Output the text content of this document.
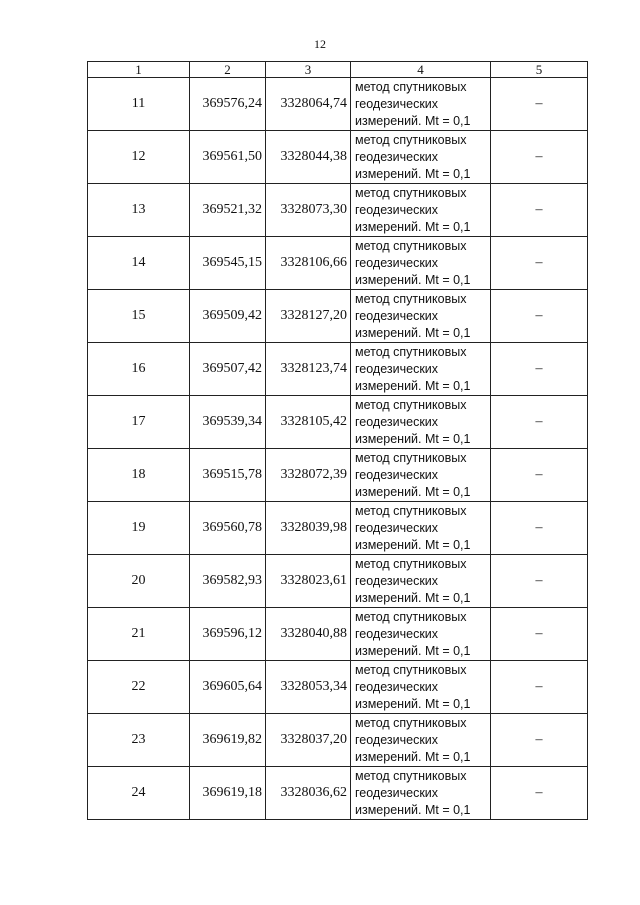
12
1	2	3	4	5
11	369576,24	3328064,74	метод спутниковых
геодезических
измерений. Mt = 0,1	–
12	369561,50	3328044,38	метод спутниковых
геодезических
измерений. Mt = 0,1	–
13	369521,32	3328073,30	метод спутниковых
геодезических
измерений. Mt = 0,1	–
14	369545,15	3328106,66	метод спутниковых
геодезических
измерений. Mt = 0,1	–
15	369509,42	3328127,20	метод спутниковых
геодезических
измерений. Mt = 0,1	–
16	369507,42	3328123,74	метод спутниковых
геодезических
измерений. Mt = 0,1	–
17	369539,34	3328105,42	метод спутниковых
геодезических
измерений. Mt = 0,1	–
18	369515,78	3328072,39	метод спутниковых
геодезических
измерений. Mt = 0,1	–
19	369560,78	3328039,98	метод спутниковых
геодезических
измерений. Mt = 0,1	–
20	369582,93	3328023,61	метод спутниковых
геодезических
измерений. Mt = 0,1	–
21	369596,12	3328040,88	метод спутниковых
геодезических
измерений. Mt = 0,1	–
22	369605,64	3328053,34	метод спутниковых
геодезических
измерений. Mt = 0,1	–
23	369619,82	3328037,20	метод спутниковых
геодезических
измерений. Mt = 0,1	–
24	369619,18	3328036,62	метод спутниковых
геодезических
измерений. Mt = 0,1	–
